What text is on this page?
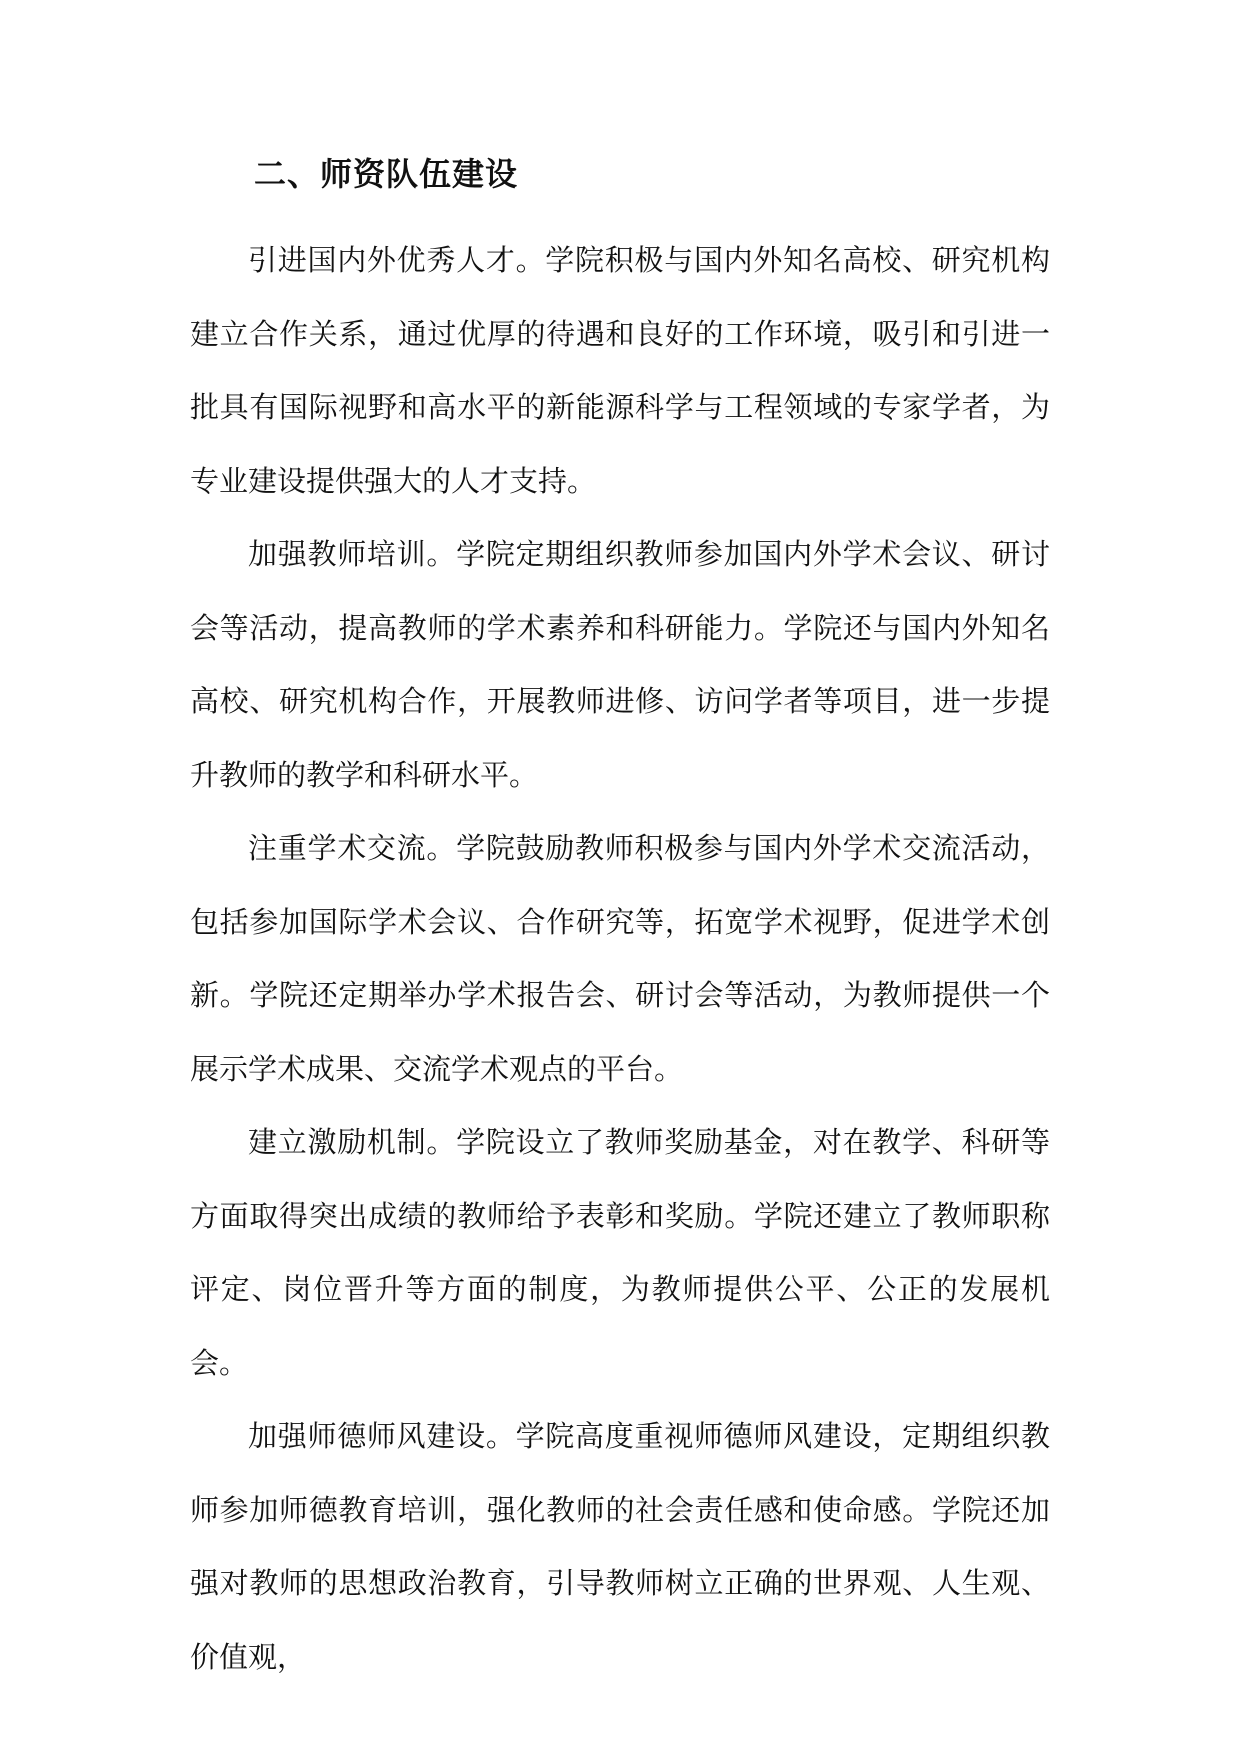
二、师资队伍建设

引进国内外优秀人才。学院积极与国内外知名高校、研究机构建立合作关系，通过优厚的待遇和良好的工作环境，吸引和引进一批具有国际视野和高水平的新能源科学与工程领域的专家学者，为专业建设提供强大的人才支持。

加强教师培训。学院定期组织教师参加国内外学术会议、研讨会等活动，提高教师的学术素养和科研能力。学院还与国内外知名高校、研究机构合作，开展教师进修、访问学者等项目，进一步提升教师的教学和科研水平。

注重学术交流。学院鼓励教师积极参与国内外学术交流活动，包括参加国际学术会议、合作研究等，拓宽学术视野，促进学术创新。学院还定期举办学术报告会、研讨会等活动，为教师提供一个展示学术成果、交流学术观点的平台。

建立激励机制。学院设立了教师奖励基金，对在教学、科研等方面取得突出成绩的教师给予表彰和奖励。学院还建立了教师职称评定、岗位晋升等方面的制度，为教师提供公平、公正的发展机会。

加强师德师风建设。学院高度重视师德师风建设，定期组织教师参加师德教育培训，强化教师的社会责任感和使命感。学院还加强对教师的思想政治教育，引导教师树立正确的世界观、人生观、价值观，
